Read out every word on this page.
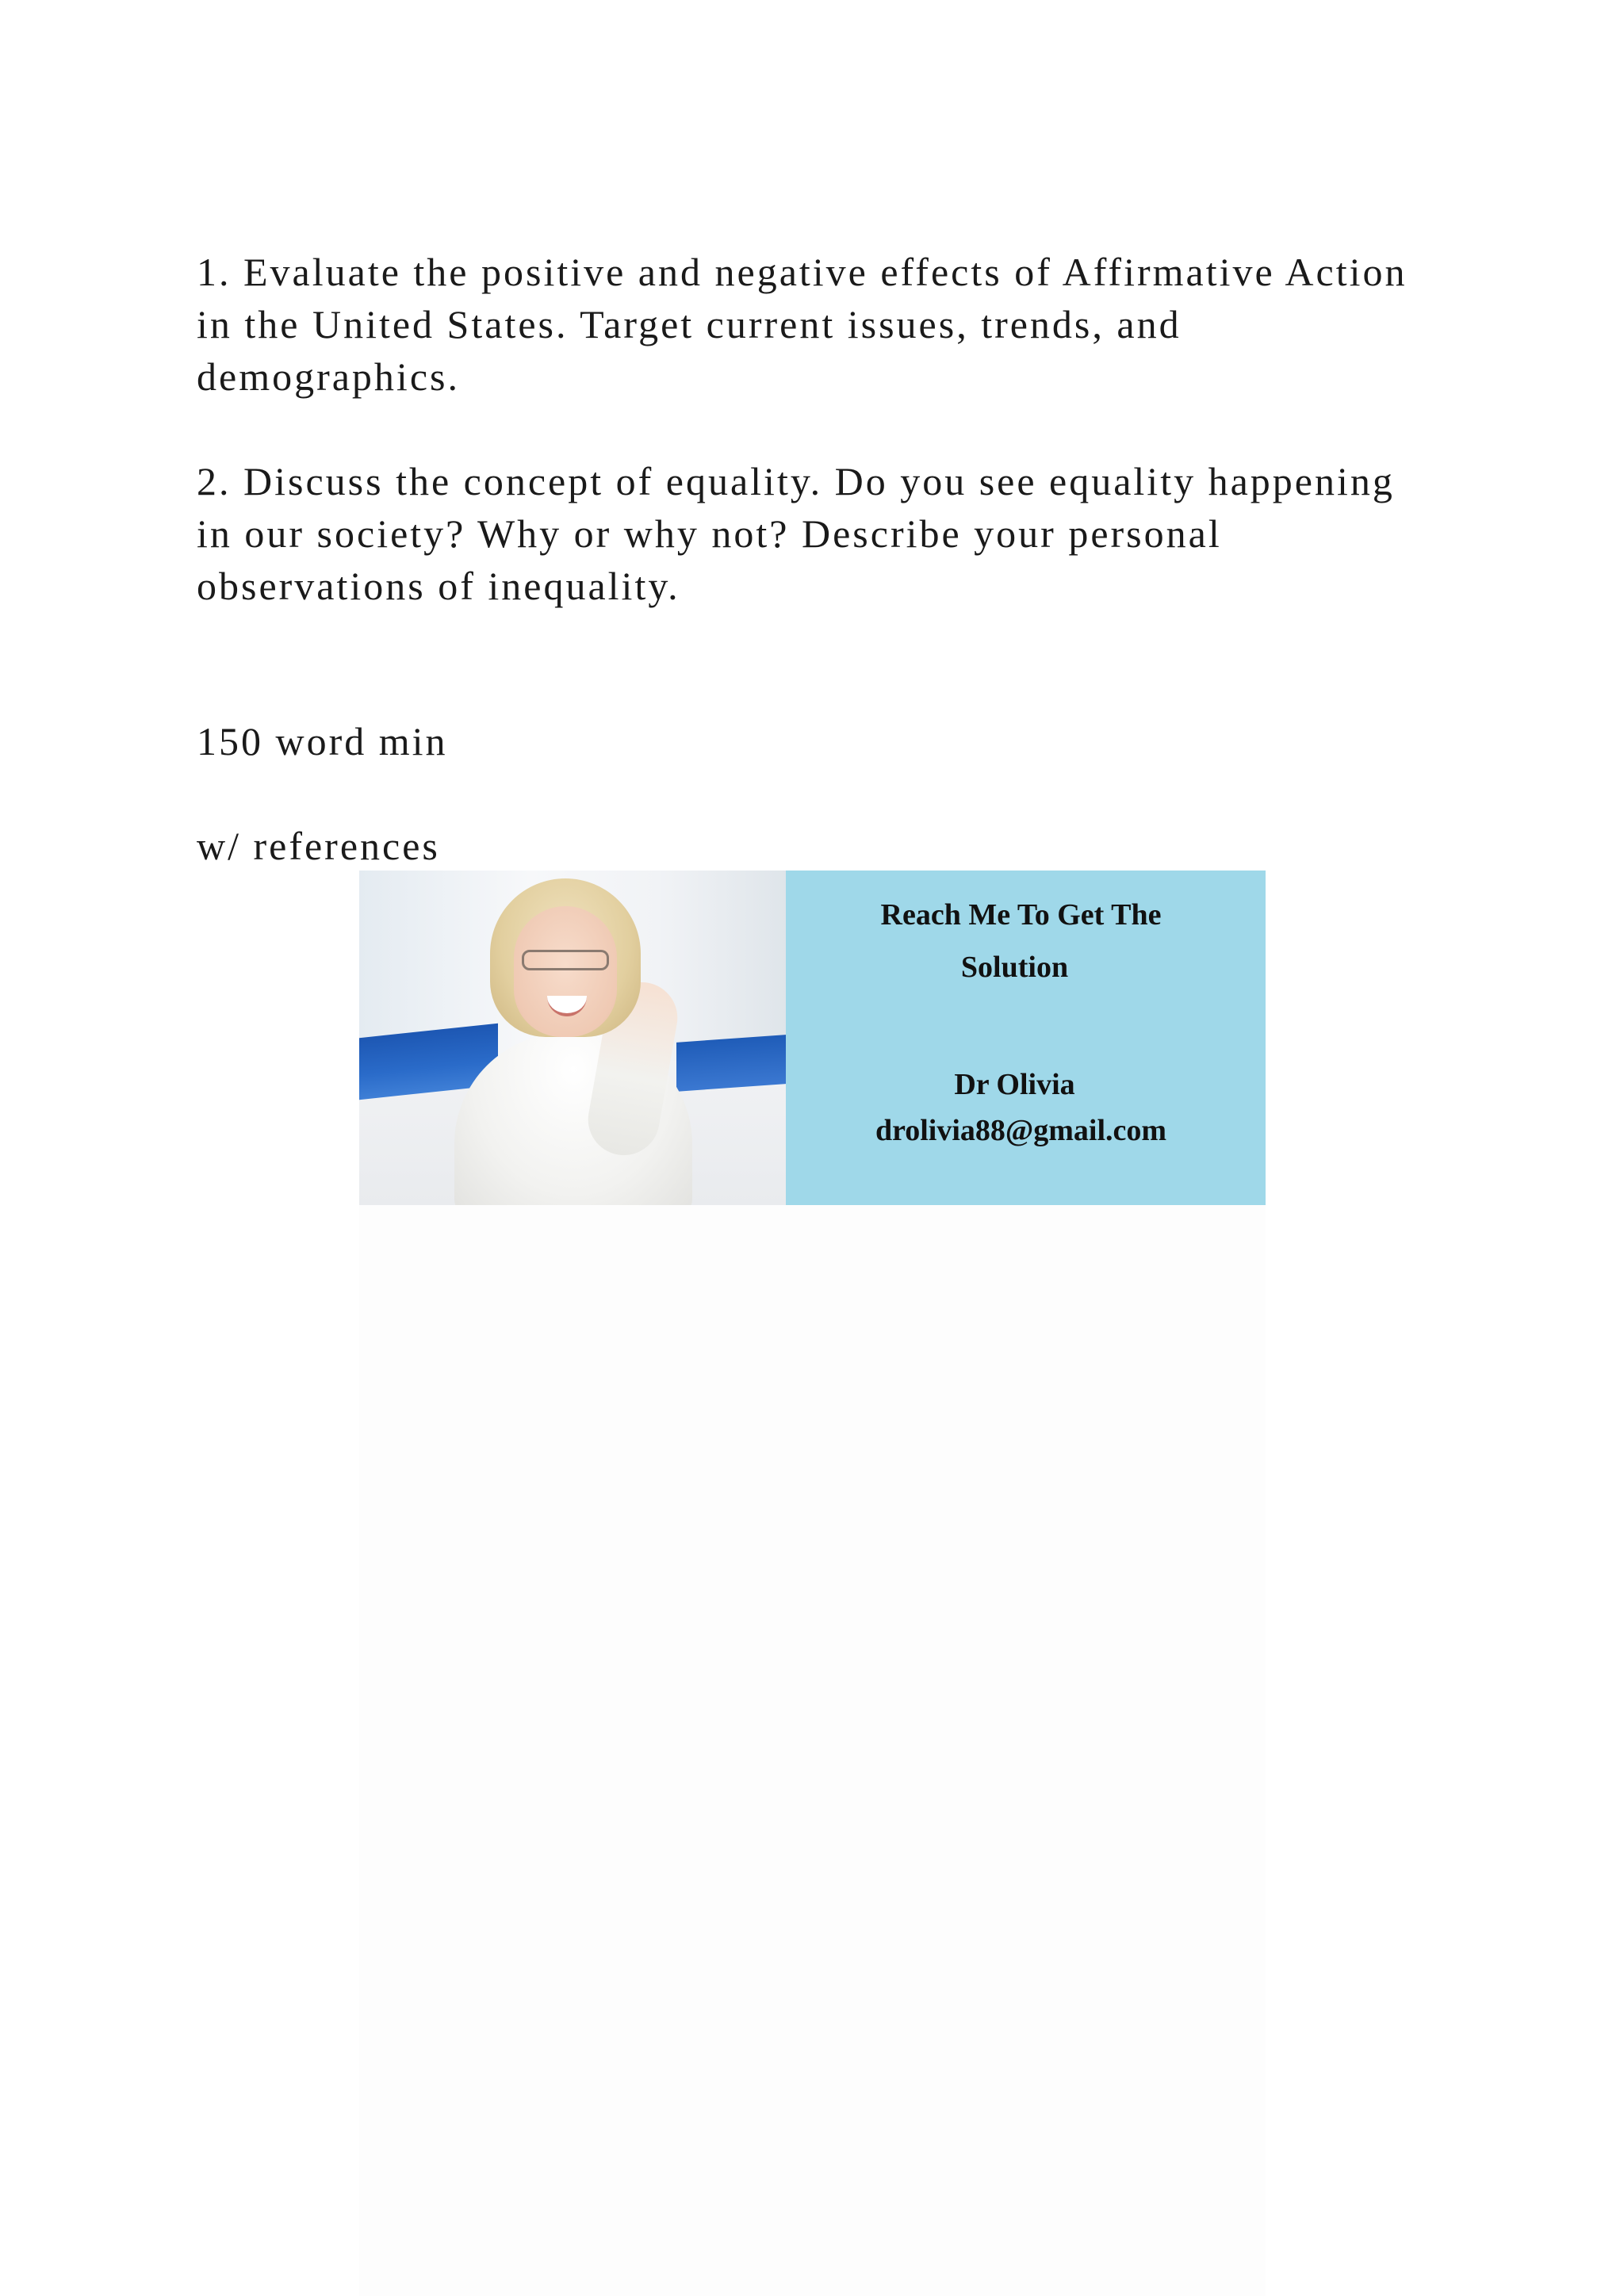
1. Evaluate the positive and negative effects of Affirmative Action in the United States. Target current issues, trends, and demographics.

2. Discuss the concept of equality. Do you see equality happening in our society? Why or why not? Describe your personal observations of inequality.

150 word min

w/ references

Reach Me To Get The
Solution
Dr Olivia
drolivia88@gmail.com
